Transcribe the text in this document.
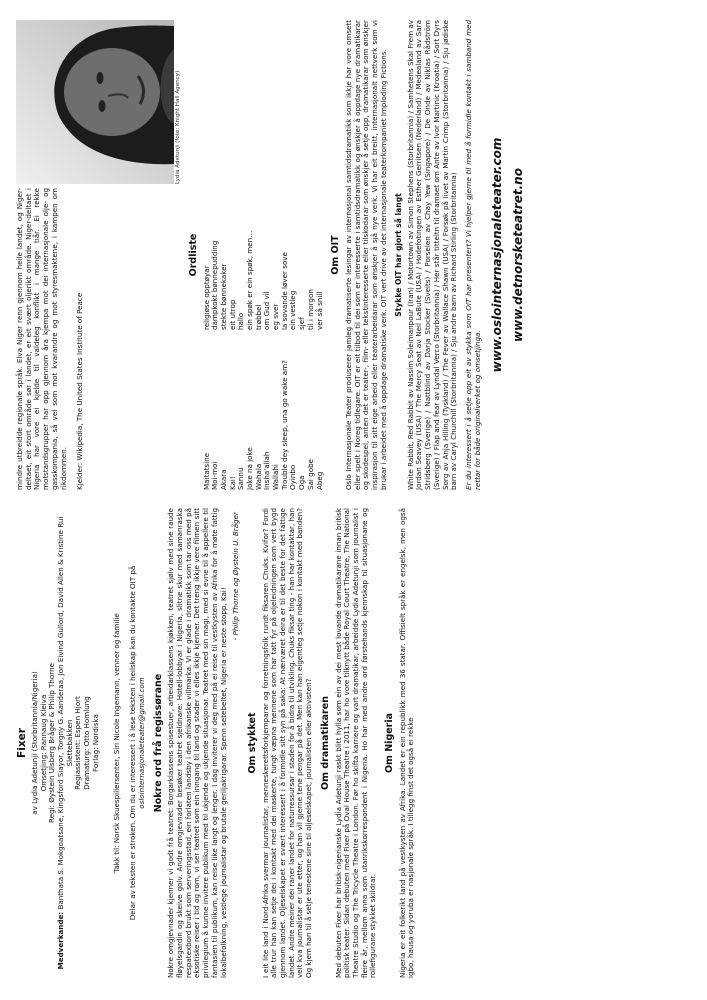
Fixer av Lydia Adetunji (Storbritannia/Nigeria) Omsetjing: Rannaug Kleiva Regi: Øystein Ulsberg Bråger & Philip Thorne

Medverkande: Banthata S. Mokgoatsane, Kingsford Siayor, Torgny G. Aanderaa, Jon Eivind Gullord, David Allen & Kristine Rui Slettebakken Regiassistent: Espen Hjort Dramaturg: Otto Homlung Forlag: Nordiska Takk til: Norsk Skuespillersenter, Siri Nicole Ingemann, venner og familie Delar av teksten er stroken. Om du er interessert i å lese teksten i heilskap kan du kontakte OIT på
oslointernasjonaleteater@gmail.com Nokre ord frå regissørane Nokre omgjevnader kjenner vi godt frå teatret: Borgarklassens spisestuer, arbeidarklassens kjøkken, teatret sjølv med sine raude fløyelsgardin og skeive golv. Andre omgjevnader besøker teatret sjeldnare: Hotell-lobbyar i Nigeria, slitne skur med samanraska respatexbord brukt som serveringsstad, ein forlaten landsby i den afrikanske villmarka. Vi er glade i dramatikk som tar oss med på eksotiske reiser i tid og rom, vi ser teatret som ein inngang til land og stader vi elles ikkje kjenner. Det treng ikkje vere filmen sitt privilegium å kunne invitere publikum med til ukjende og ukjende situasjonar. Teatret med sin magi, med si evne til å appellere til fantasien til publikum, kan reise like langt og lenger. I dag inviterer vi deg med på ei reise til vestkysten av Afrika for å møte fattig lokalbefolkning, vestlege journalistar og brutale geriljakrigarar. Spenn setebeltet, Nigeria er neste stopp, Kai!

- Philip Thorne og Øystein U. Bråger

Om stykket I eit lite land i Nord-Afrika svermar journalistar, menneskerettsforkjemparar og forretningsfolk rundt fiksaren Chuks. Kvifor? Fordi alle trur han kan setje dei i kontakt med dei maskerte, tungt væpna mennene som har tatt fyr på oljeleidningen som vert bygd gjennom landet. Oljeselskapet er svært interessert i å formidle sitt syn på saka: At nærværet deira er til det beste for det fattige landet. Andre meiner dei raner landet for naturressursar i staden for å bidra til utvikling. Chuks fiksar ting - han har kontaktar, han veit kva journalistar er ute etter, og han vil gjerne tene pengar på det. Men kan han eigentleg setje nokon i kontakt med banden? Og kjem han til å setje tenestene sine til oljeselskapet, journalisten eller aktivisten? Om dramatikaren Med debuten Fixer har britisk-nigerianske Lydia Adetunji raskt blitt hylla som ein av dei mest lovande dramatikarane innan britisk politisk teater. Sidan debuten med Fixer på Oval House Theatre i 2011, har ho vore tilknytt både Royal Court Theatre, The National Theatre Studio og The Tricycle Theatre i London. Før ho skifta karriere og vart dramatikar, arbeidde Lydia Adetunji som journalist i fleire år, mellom anna som utanrikskorrespondent i Nigeria. Ho har med andre ord førstehands kjennskap til situasjonane og rollefigurane stykket skildrar.

Om Nigeria Nigeria er eit folkerikt land på vestkysten av Afrika. Landet er ein republikk med 36 statar. Offisielt språk er engelsk, men også igbo, hausa og yoruba er nasjonale språk. I tillegg finst det også ei rekke

mindre utbreidde regionale språk. Elva Niger renn gjennom heile landet, og Niger-deltaet, eit stort område sør i landet, er eit svært oljerikt område. Niger-deltaet i Nigeria har vore ei kjelde til valdeleg konflikt i mange tiår. Ei rekke motstandsgrupper har opp gjennom åra kjempa mot dei internasjonale olje- og gasskompania, så vel som mot kvarandre og mot styresmaktene, i kampen om rikdommen. Kjelder: Wikipedia, The United States Institute of Peace

Lydia Adetunji (foto: Knight Hall Agency)
Ordliste
Maitatsine Moi-moi Akara Kai! Sannu Joke na joke Wahala Insha'allah Wallahi Trouble dey sleep, una go wake am? Oyinbo Oga Sai gobe Abeg
religiøse opptøyar dampkokt bønnepudding stekte bønnekaker eit utrop hallo ein spøk er ein spøk, men… trøbbel om Gud vil eg sver la sovande løver sove ein vestleg sjef til i morgon ver så snill
Om OIT Oslo Internasjonale Teater produserer jamleg dramatiserte lesingar av internasjonal samtidsdramatikk som ikkje har vore omsett eller spelt i Noreg tidlegare. OIT er eit tilbod til dei som er interesserte i samtidsdramatikk og ønskjer å oppdage nye dramatikarar og skodespel, anten det er teater-, film- eller tekstinteresserte eller tilskodarar som ønskjer å setje opp, dramatikarar som ønskjer inspirasjon til sitt eige arbeid eller teaterarbeidarar som ønskjer å sjå nye verk. Vi har eit breitt, internasjonalt nettverk som vi brukar i arbeidet med å oppdage dramatiske verk. OIT vert drive av det internasjonale teaterkompaniet Imploding Fictions. Stykke OIT har gjort så langt White Rabbit, Red Rabbit av Nassim Soleimanpour (Iran) / Motortown av Simon Stephens (Storbritannia) / Samhetens Skal Frem av Jordan Seavey (USA) / The Mercy Seat av Neil LaBute (USA) / Hodefotingen av Esther Gerritsen (Nederland) / Medealand av Sara Stridsberg (Sverige) / Nattblind av Darja Stocker (Sveits) / Porselen av Chay Yew (Singapore) / De Onde av Niklas Rådström (Sverige) / Flap and fear av Lyndal Verco (Storbritannia) / Her står titteltn til dramaet om Ante av Ivor Martinic (Kroatia) / Sort Dyrs Sorg av Anja Hilling (Tyskland) / The Fever av Wallace Shawn (USA) / Forsøk på livet av Martin Crimp (Storbritannia) / Sju jødiske barn av Caryl Churchill (Storbritannia) / Sju andre barn av Richard Stirling (Storbritannia) Er du interessert i å setje opp eit av stykka som OIT har presentert? Vi hjelper gjerne til med å formidle kontakt i samband med rettar for både originalverket og omsetjinga.

www.oslointernasjonaleteater.com www.detnorsketeatret.no
